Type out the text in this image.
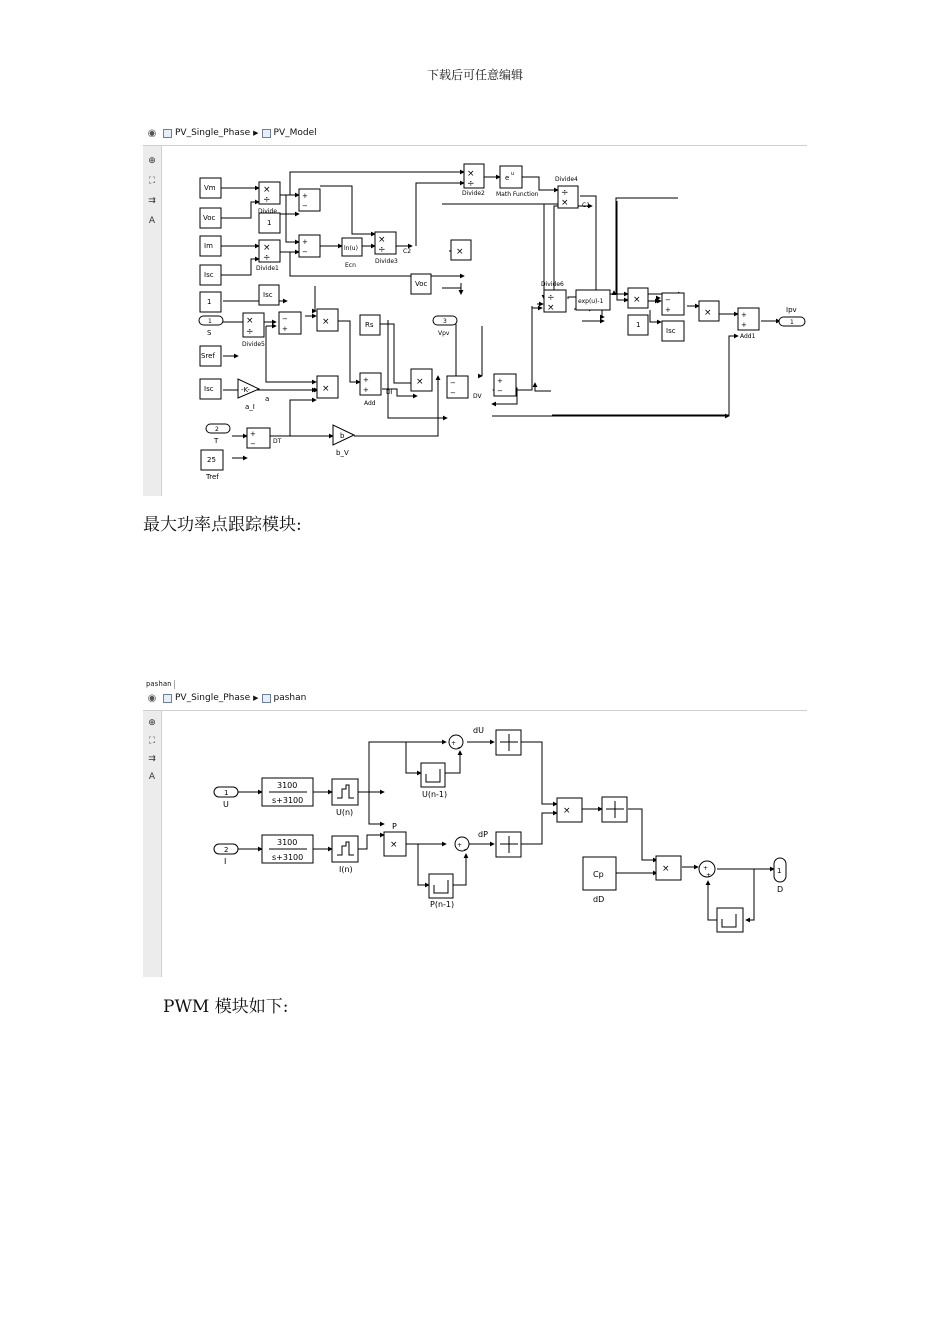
下载后可任意编辑
◉ PV_Single_Phase ▶ PV_Model
⊕
⛶
⇉
A
Vm
Voc
Im
Isc
1
1
Isc
1
S
Sref
Isc	-K-
a_I
a
2
T
25
Tref
DT
b
b_V
Divide
Divide1
Divide2
Divide3
Divide4
Divide5
Divide6
ln(u)
Ecn
C2
C1
e u
Math Function
Rs	3
Vpv
Voc
Add
DI
DV
exp(u)-1
1
Isc
Add1
1
Ipv
×
÷
×
÷
×
÷
×
÷
÷
×
×
÷
÷
×
×
×
×
×
×
×
+
−
+
−
−
+
+
+
−
−
+
−
−
+
+
+
+
−
最大功率点跟踪模块:
pashan
◉ PV_Single_Phase ▶ pashan
⊕
⛶
⇉
A
1
U
2
I
3100
s+3100
3100
s+3100
U(n)
I(n)
P
U(n-1)
P(n-1)
dU
dP
Cp
dD
1
D
×
×
×
+
−
+
−
+
+
PWM 模块如下:
